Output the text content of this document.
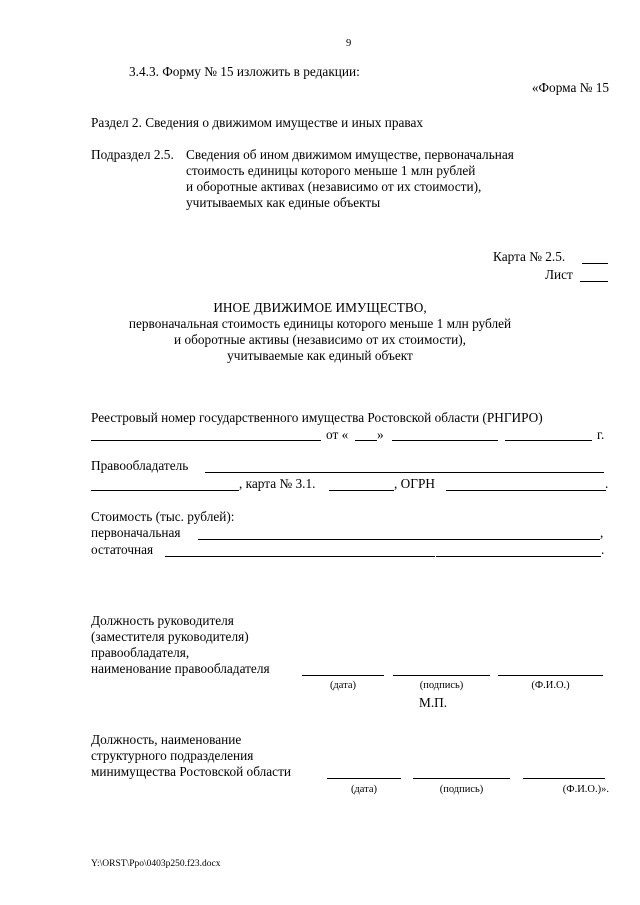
9
3.4.3. Форму № 15 изложить в редакции:
«Форма № 15
Раздел 2. Сведения о движимом имуществе и иных правах
Подраздел 2.5. Сведения об ином движимом имуществе, первоначальная
стоимость единицы которого меньше 1 млн рублей
и оборотные активах (независимо от их стоимости),
учитываемых как единые объекты
Карта № 2.5.
Лист
ИНОЕ ДВИЖИМОЕ ИМУЩЕСТВО,
первоначальная стоимость единицы которого меньше 1 млн рублей
и оборотные активы (независимо от их стоимости),
учитываемые как единый объект
Реестровый номер государственного имущества Ростовской области (РНГИРО)
от « »	г.
Правообладатель
, карта № 3.1.	, ОГРН	.
Стоимость (тыс. рублей):
первоначальная	,
остаточная	.
Должность руководителя
(заместителя руководителя)
правообладателя,
наименование правообладателя
(дата)	(подпись)	(Ф.И.О.)
М.П.
Должность, наименование
структурного подразделения
минимущества Ростовской области
(дата)	(подпись)	(Ф.И.О.)».
Y:\ORST\Ppo\0403p250.f23.docx
